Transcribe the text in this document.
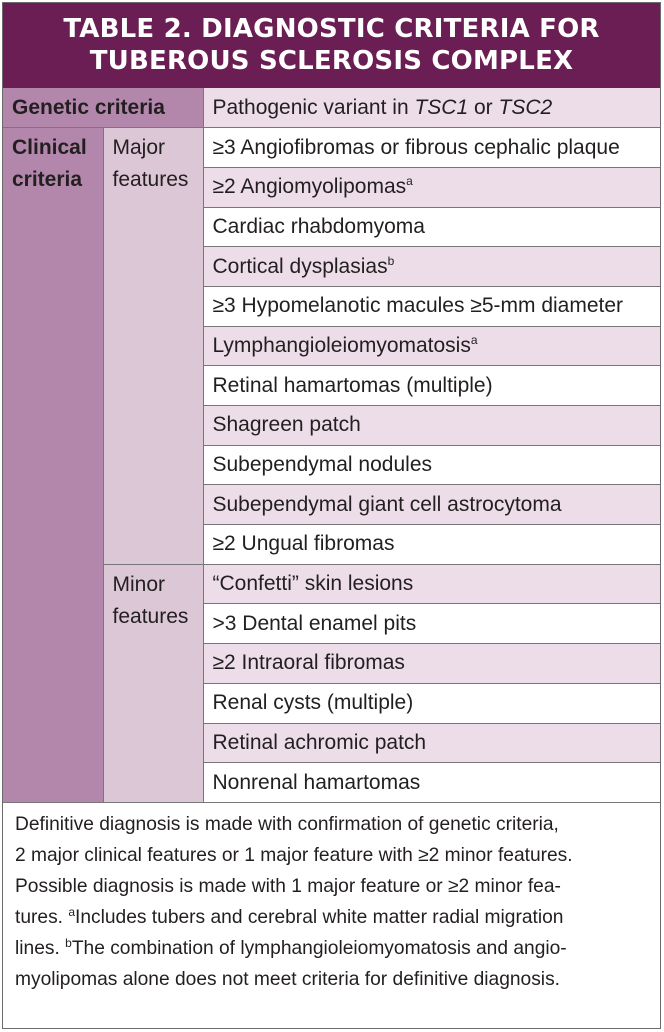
TABLE 2. DIAGNOSTIC CRITERIA FOR
TUBEROUS SCLEROSIS COMPLEX
Genetic criteria		Pathogenic variant in TSC1 or TSC2
Clinical criteria	Major features	≥3 Angiofibromas or fibrous cephalic plaque
		≥2 Angiomyolipomas$^a$
		Cardiac rhabdomyoma
		Cortical dysplasias$^b$
		≥3 Hypomelanotic macules ≥5-mm diameter
		Lymphangioleiomyomatosis$^a$
		Retinal hamartomas (multiple)
		Shagreen patch
		Subependymal nodules
		Subependymal giant cell astrocytoma
		≥2 Ungual fibromas
	Minor features	“Confetti” skin lesions
		>3 Dental enamel pits
		≥2 Intraoral fibromas
		Renal cysts (multiple)
		Retinal achromic patch
		Nonrenal hamartomas
Definitive diagnosis is made with confirmation of genetic criteria,
2 major clinical features or 1 major feature with ≥2 minor features.
Possible diagnosis is made with 1 major feature or ≥2 minor fea-
tures. $^a$Includes tubers and cerebral white matter radial migration
lines. $^b$The combination of lymphangioleiomyomatosis and angio-
myolipomas alone does not meet criteria for definitive diagnosis.
